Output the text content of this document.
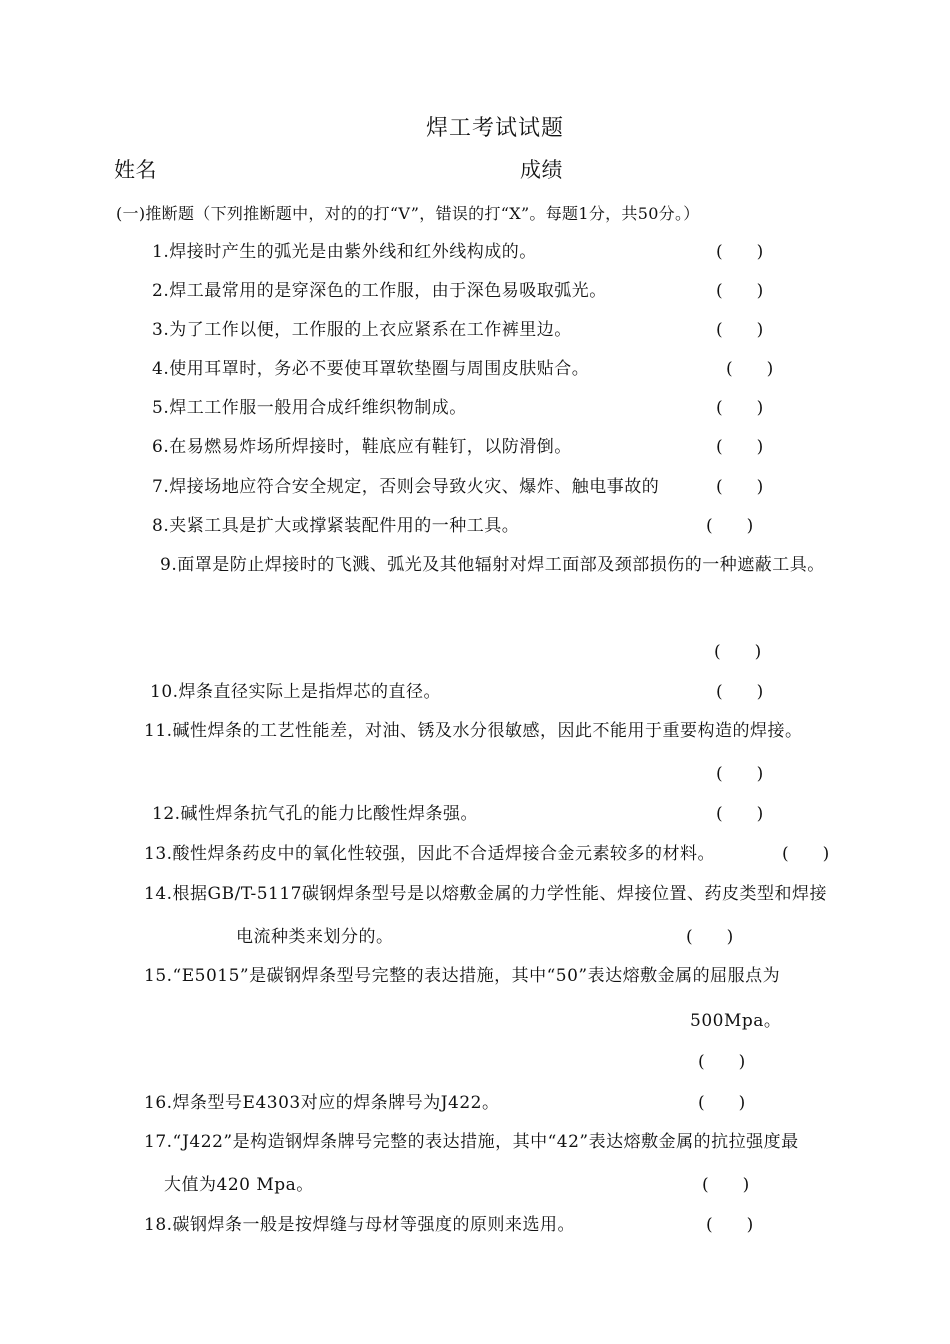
焊工考试试题
姓名	成绩
(一)推断题（下列推断题中，对的的打“V”，错误的打“X”。每题1分，共50分。）
1.焊接时产生的弧光是由紫外线和红外线构成的。	(　　)
2.焊工最常用的是穿深色的工作服，由于深色易吸取弧光。	(　　)
3.为了工作以便，工作服的上衣应紧系在工作裤里边。	(　　)
4.使用耳罩时，务必不要使耳罩软垫圈与周围皮肤贴合。	(　　)
5.焊工工作服一般用合成纤维织物制成。	(　　)
6.在易燃易炸场所焊接时，鞋底应有鞋钉，以防滑倒。	(　　)
7.焊接场地应符合安全规定，否则会导致火灾、爆炸、触电事故的	(　　)
8.夹紧工具是扩大或撑紧装配件用的一种工具。	(　　)
9.面罩是防止焊接时的飞溅、弧光及其他辐射对焊工面部及颈部损伤的一种遮蔽工具。
(　　)
10.焊条直径实际上是指焊芯的直径。	(　　)
11.碱性焊条的工艺性能差，对油、锈及水分很敏感，因此不能用于重要构造的焊接。
(　　)
12.碱性焊条抗气孔的能力比酸性焊条强。	(　　)
13.酸性焊条药皮中的氧化性较强，因此不合适焊接合金元素较多的材料。	(　　)
14.根据GB/T-5117碳钢焊条型号是以熔敷金属的力学性能、焊接位置、药皮类型和焊接
电流种类来划分的。	(　　)
15.“E5015”是碳钢焊条型号完整的表达措施，其中“50”表达熔敷金属的屈服点为
500Mpa。
(　　)
16.焊条型号E4303对应的焊条牌号为J422。	(　　)
17.“J422”是构造钢焊条牌号完整的表达措施，其中“42”表达熔敷金属的抗拉强度最
大值为420 Mpa。	(　　)
18.碳钢焊条一般是按焊缝与母材等强度的原则来选用。	(　　)
